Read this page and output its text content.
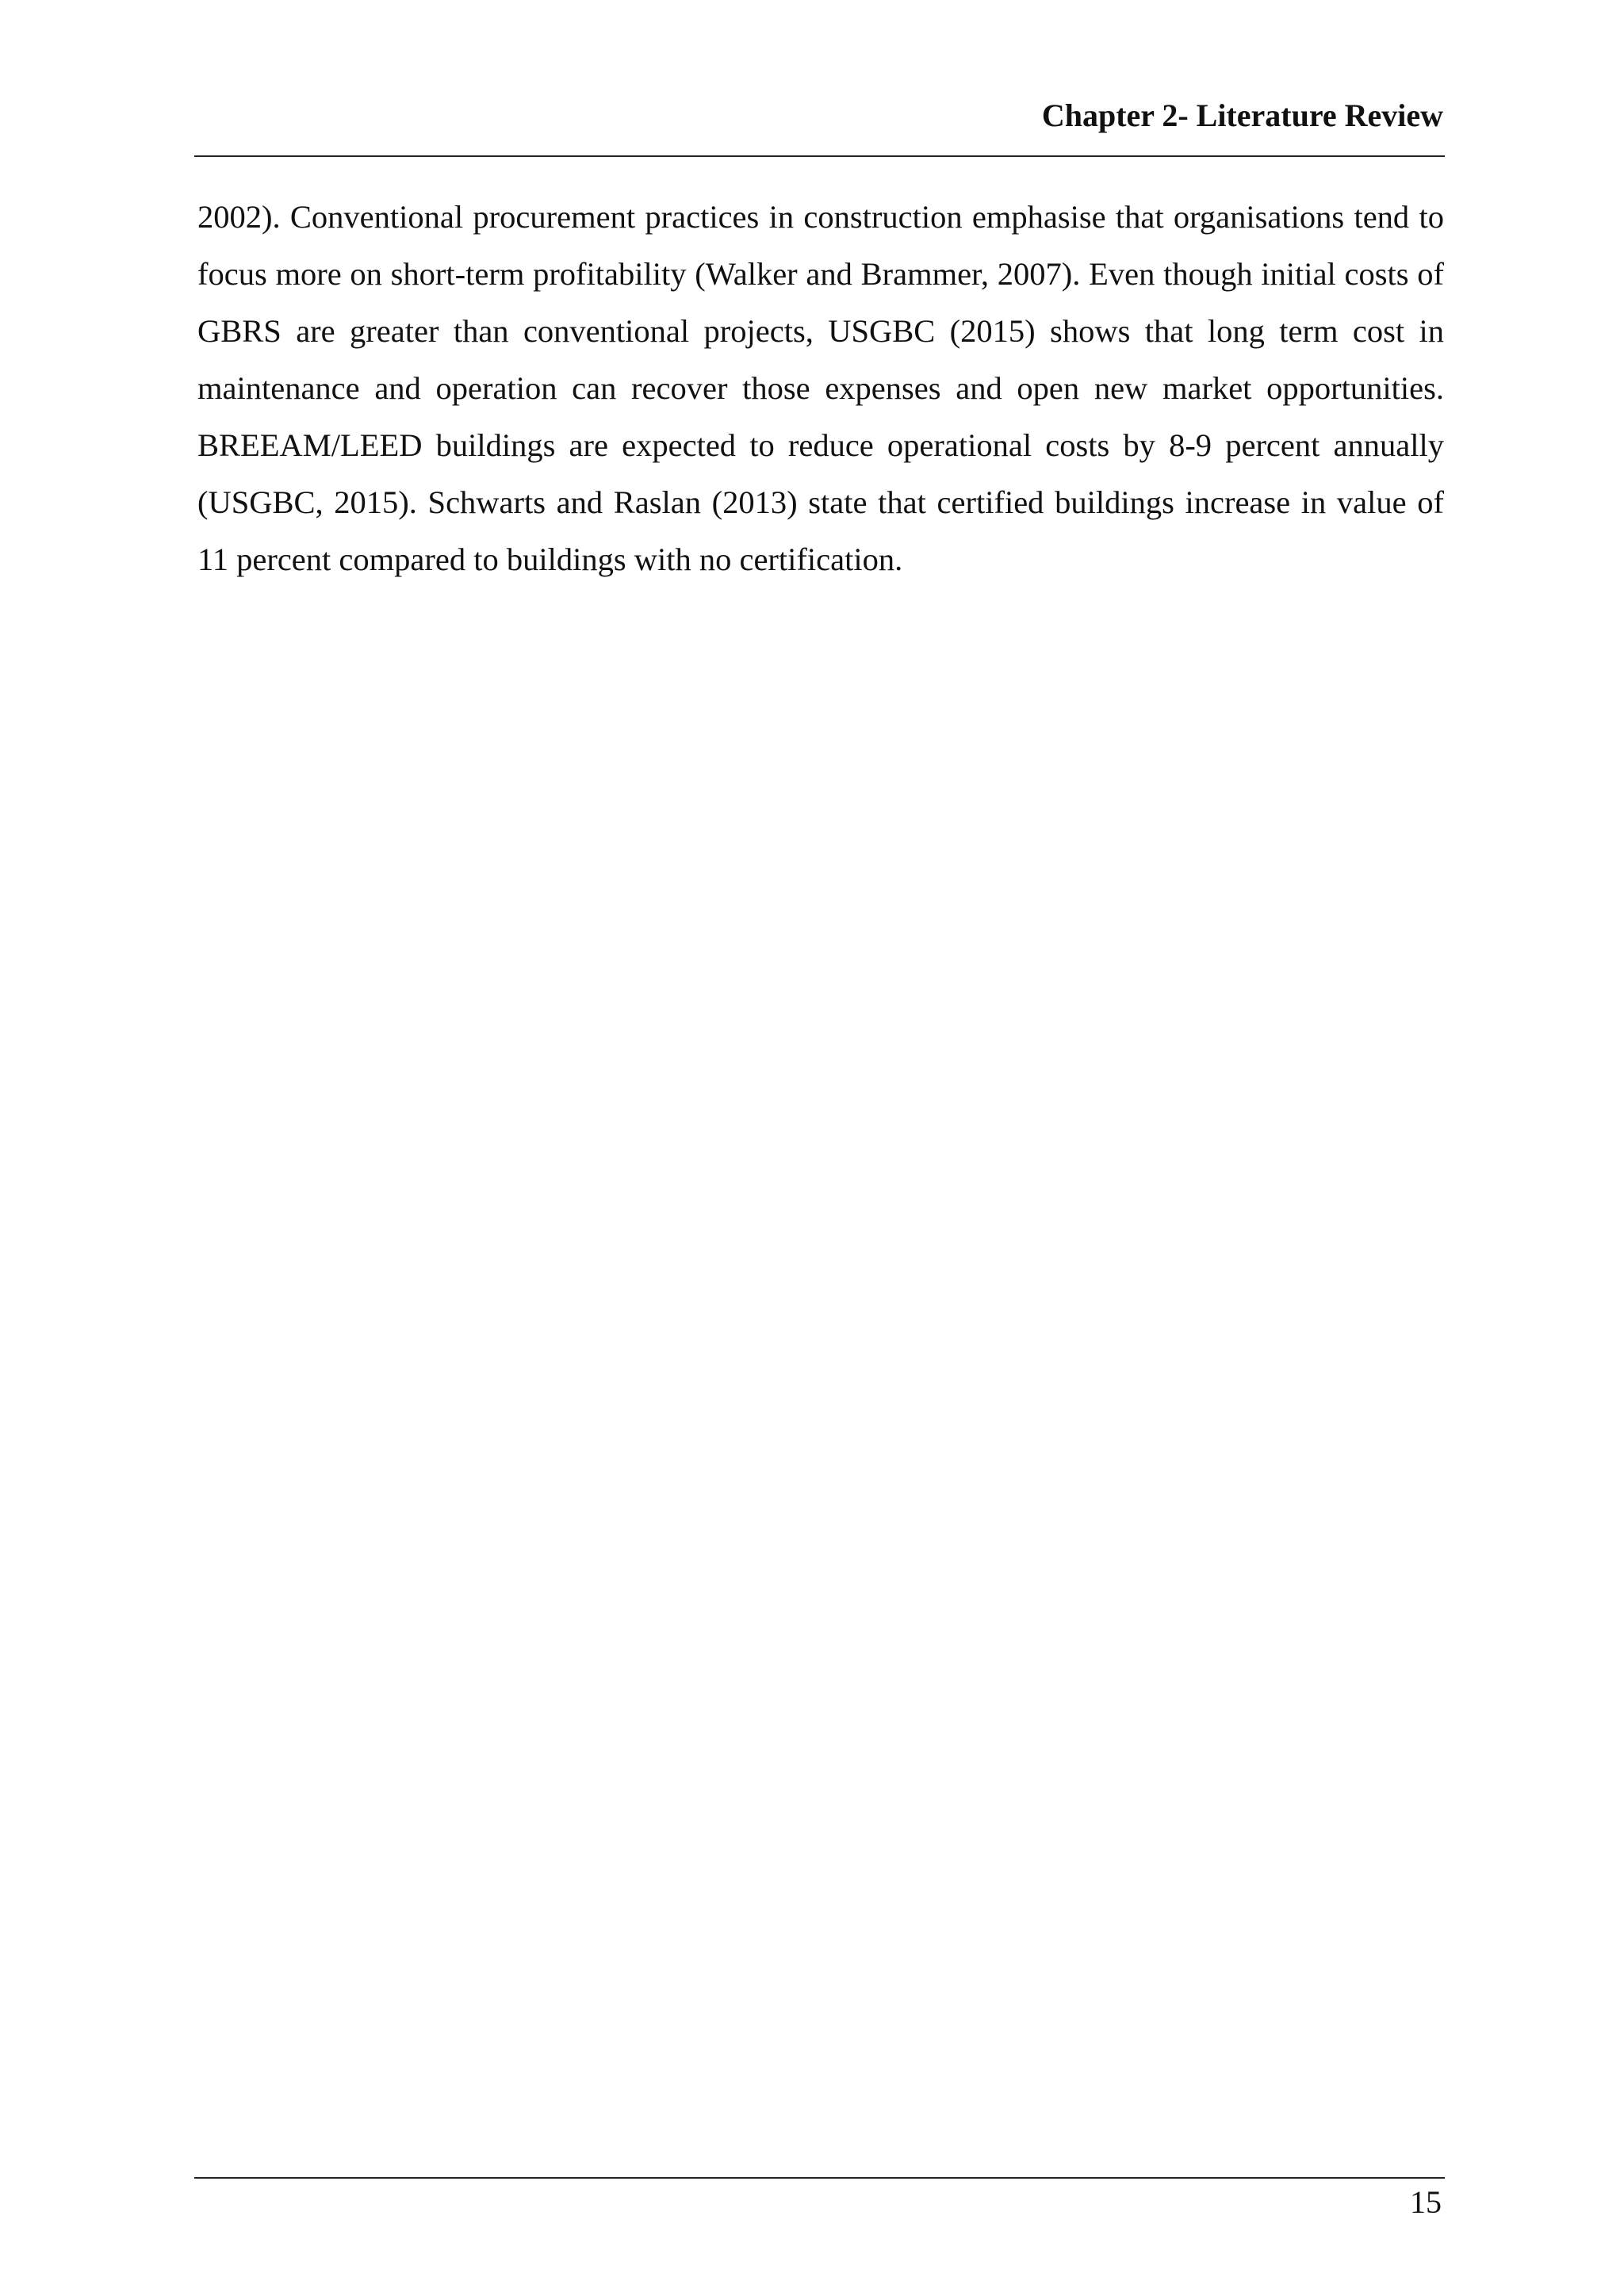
Chapter 2- Literature Review

2002). Conventional procurement practices in construction emphasise that organisations tend to focus more on short-term profitability (Walker and Brammer, 2007). Even though initial costs of GBRS are greater than conventional projects, USGBC (2015) shows that long term cost in maintenance and operation can recover those expenses and open new market opportunities. BREEAM/LEED buildings are expected to reduce operational costs by 8-9 percent annually (USGBC, 2015). Schwarts and Raslan (2013) state that certified buildings increase in value of 11 percent compared to buildings with no certification.

15
